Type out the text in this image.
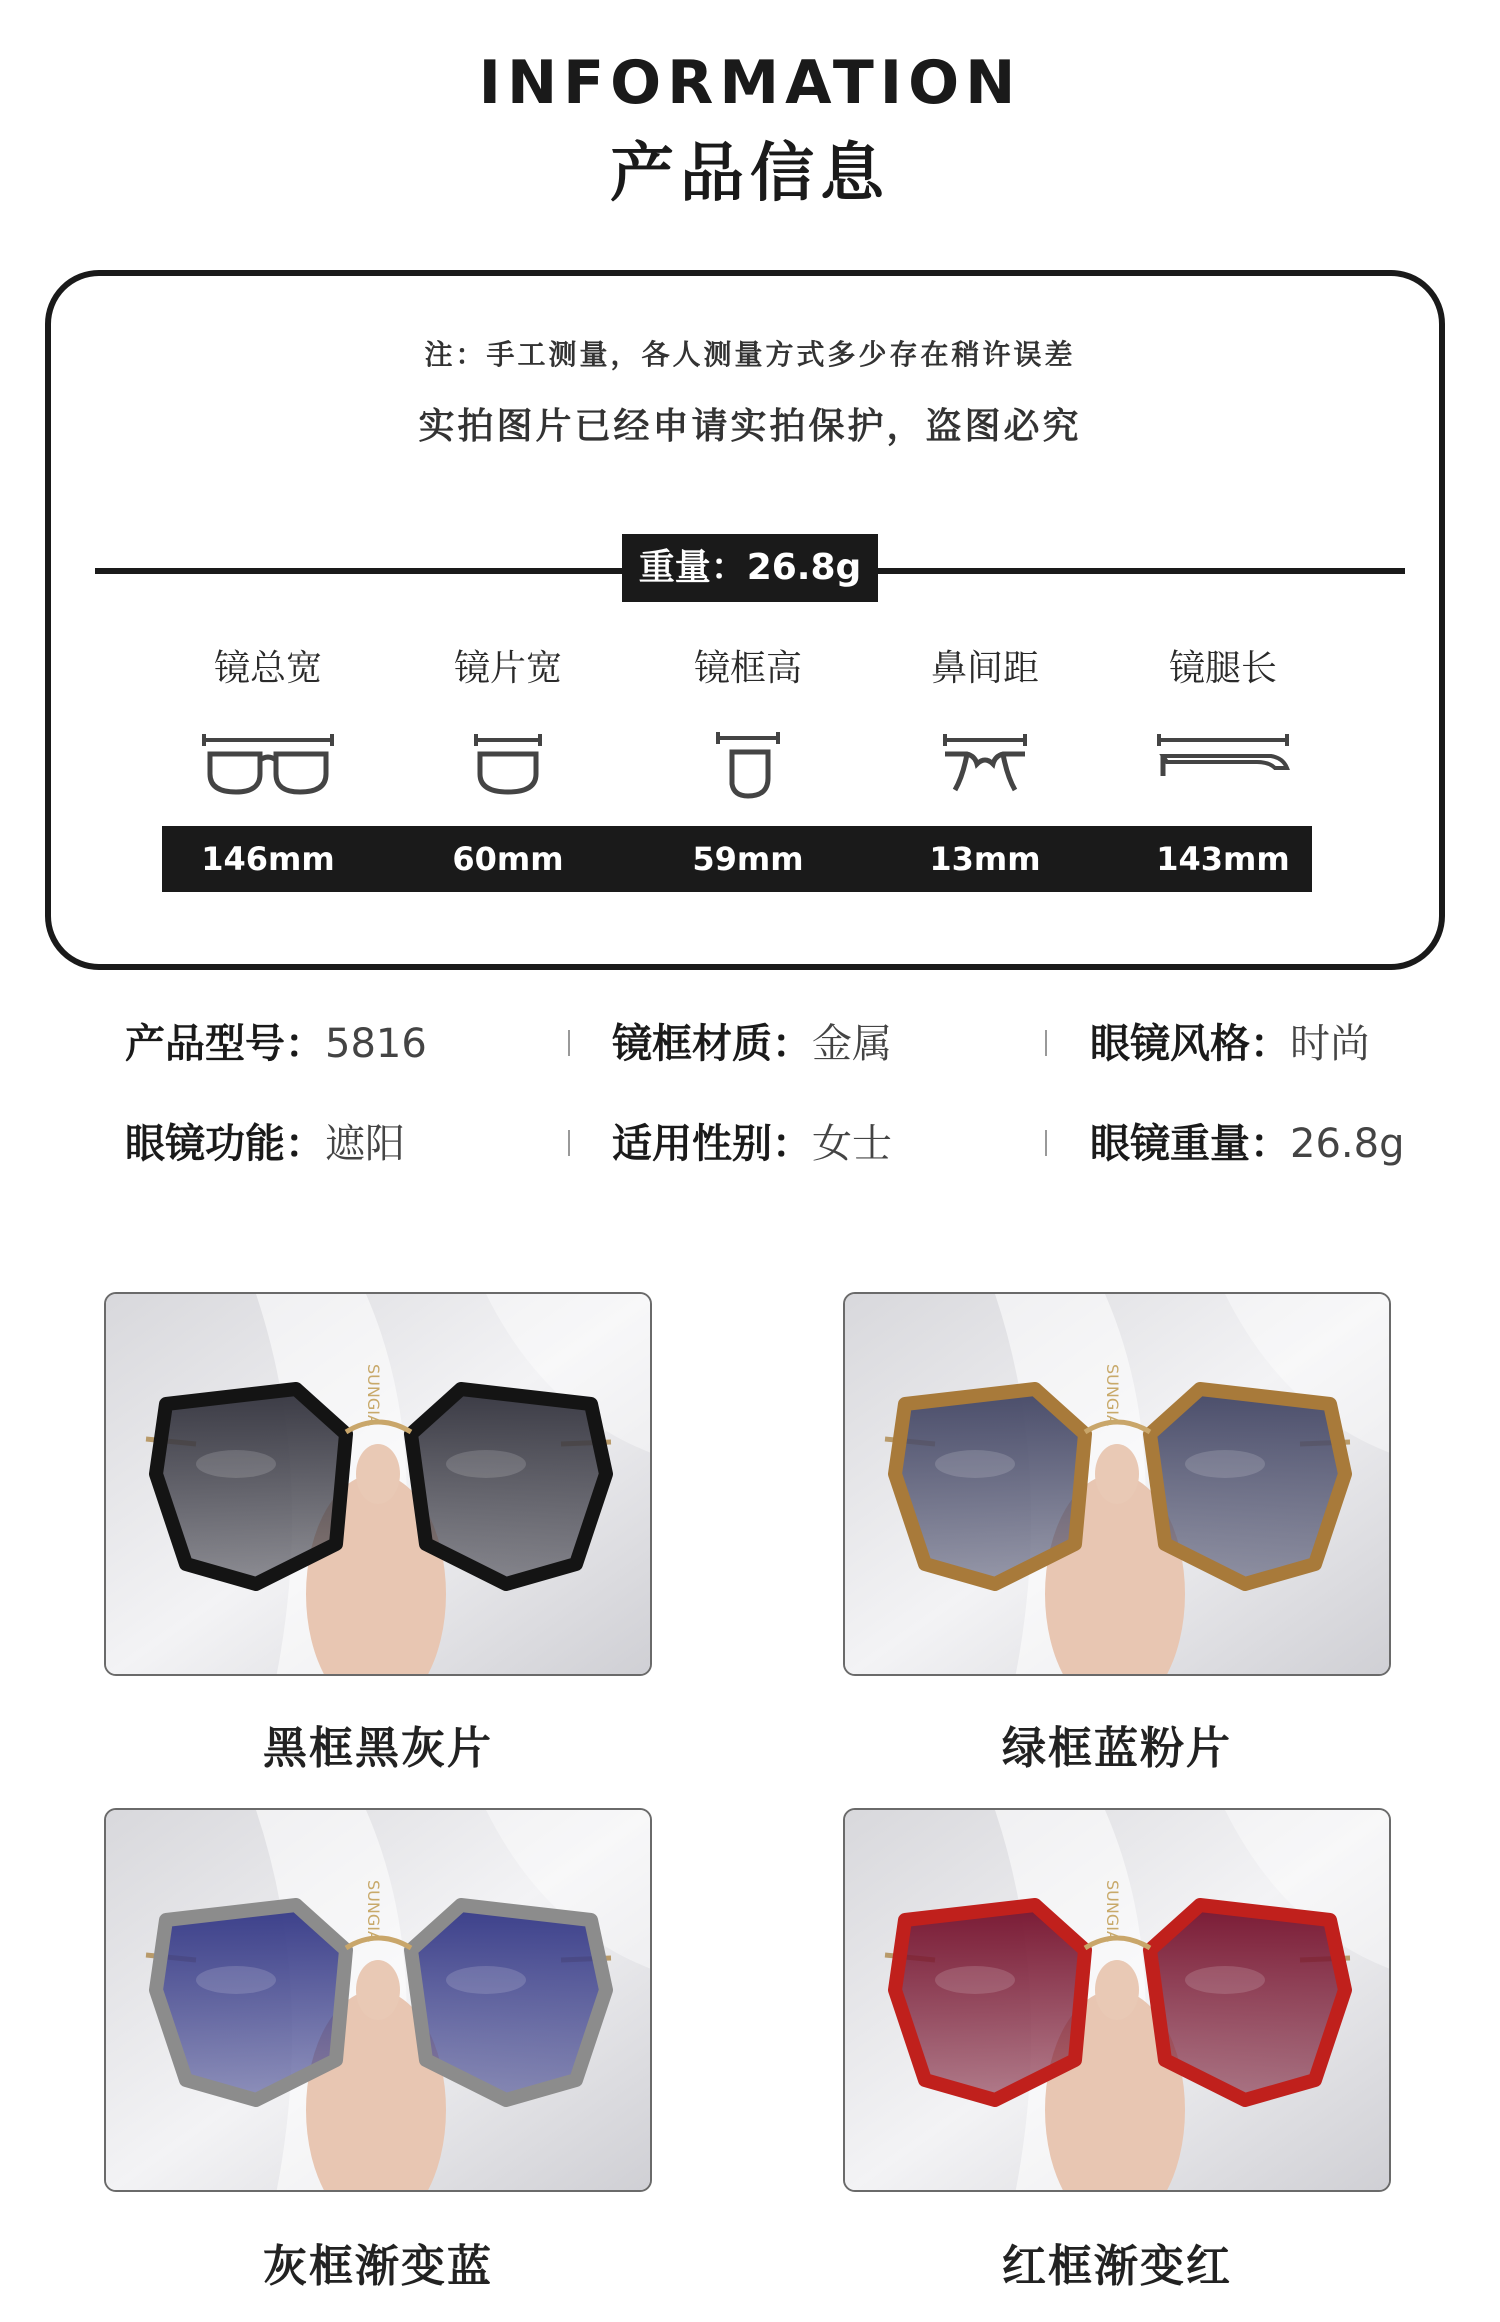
INFORMATION
产品信息
注：手工测量，各人测量方式多少存在稍许误差
实拍图片已经申请实拍保护，盗图必究
重量：26.8g
镜总宽	镜片宽	镜框高	鼻间距	镜腿长
146mm	60mm	59mm	13mm	143mm
产品型号：5816	镜框材质：金属	眼镜风格：时尚
眼镜功能：遮阳	适用性别：女士	眼镜重量：26.8g
SUNGIA
黑框黑灰片
SUNGIA
绿框蓝粉片
SUNGIA
灰框渐变蓝
SUNGIA
红框渐变红
